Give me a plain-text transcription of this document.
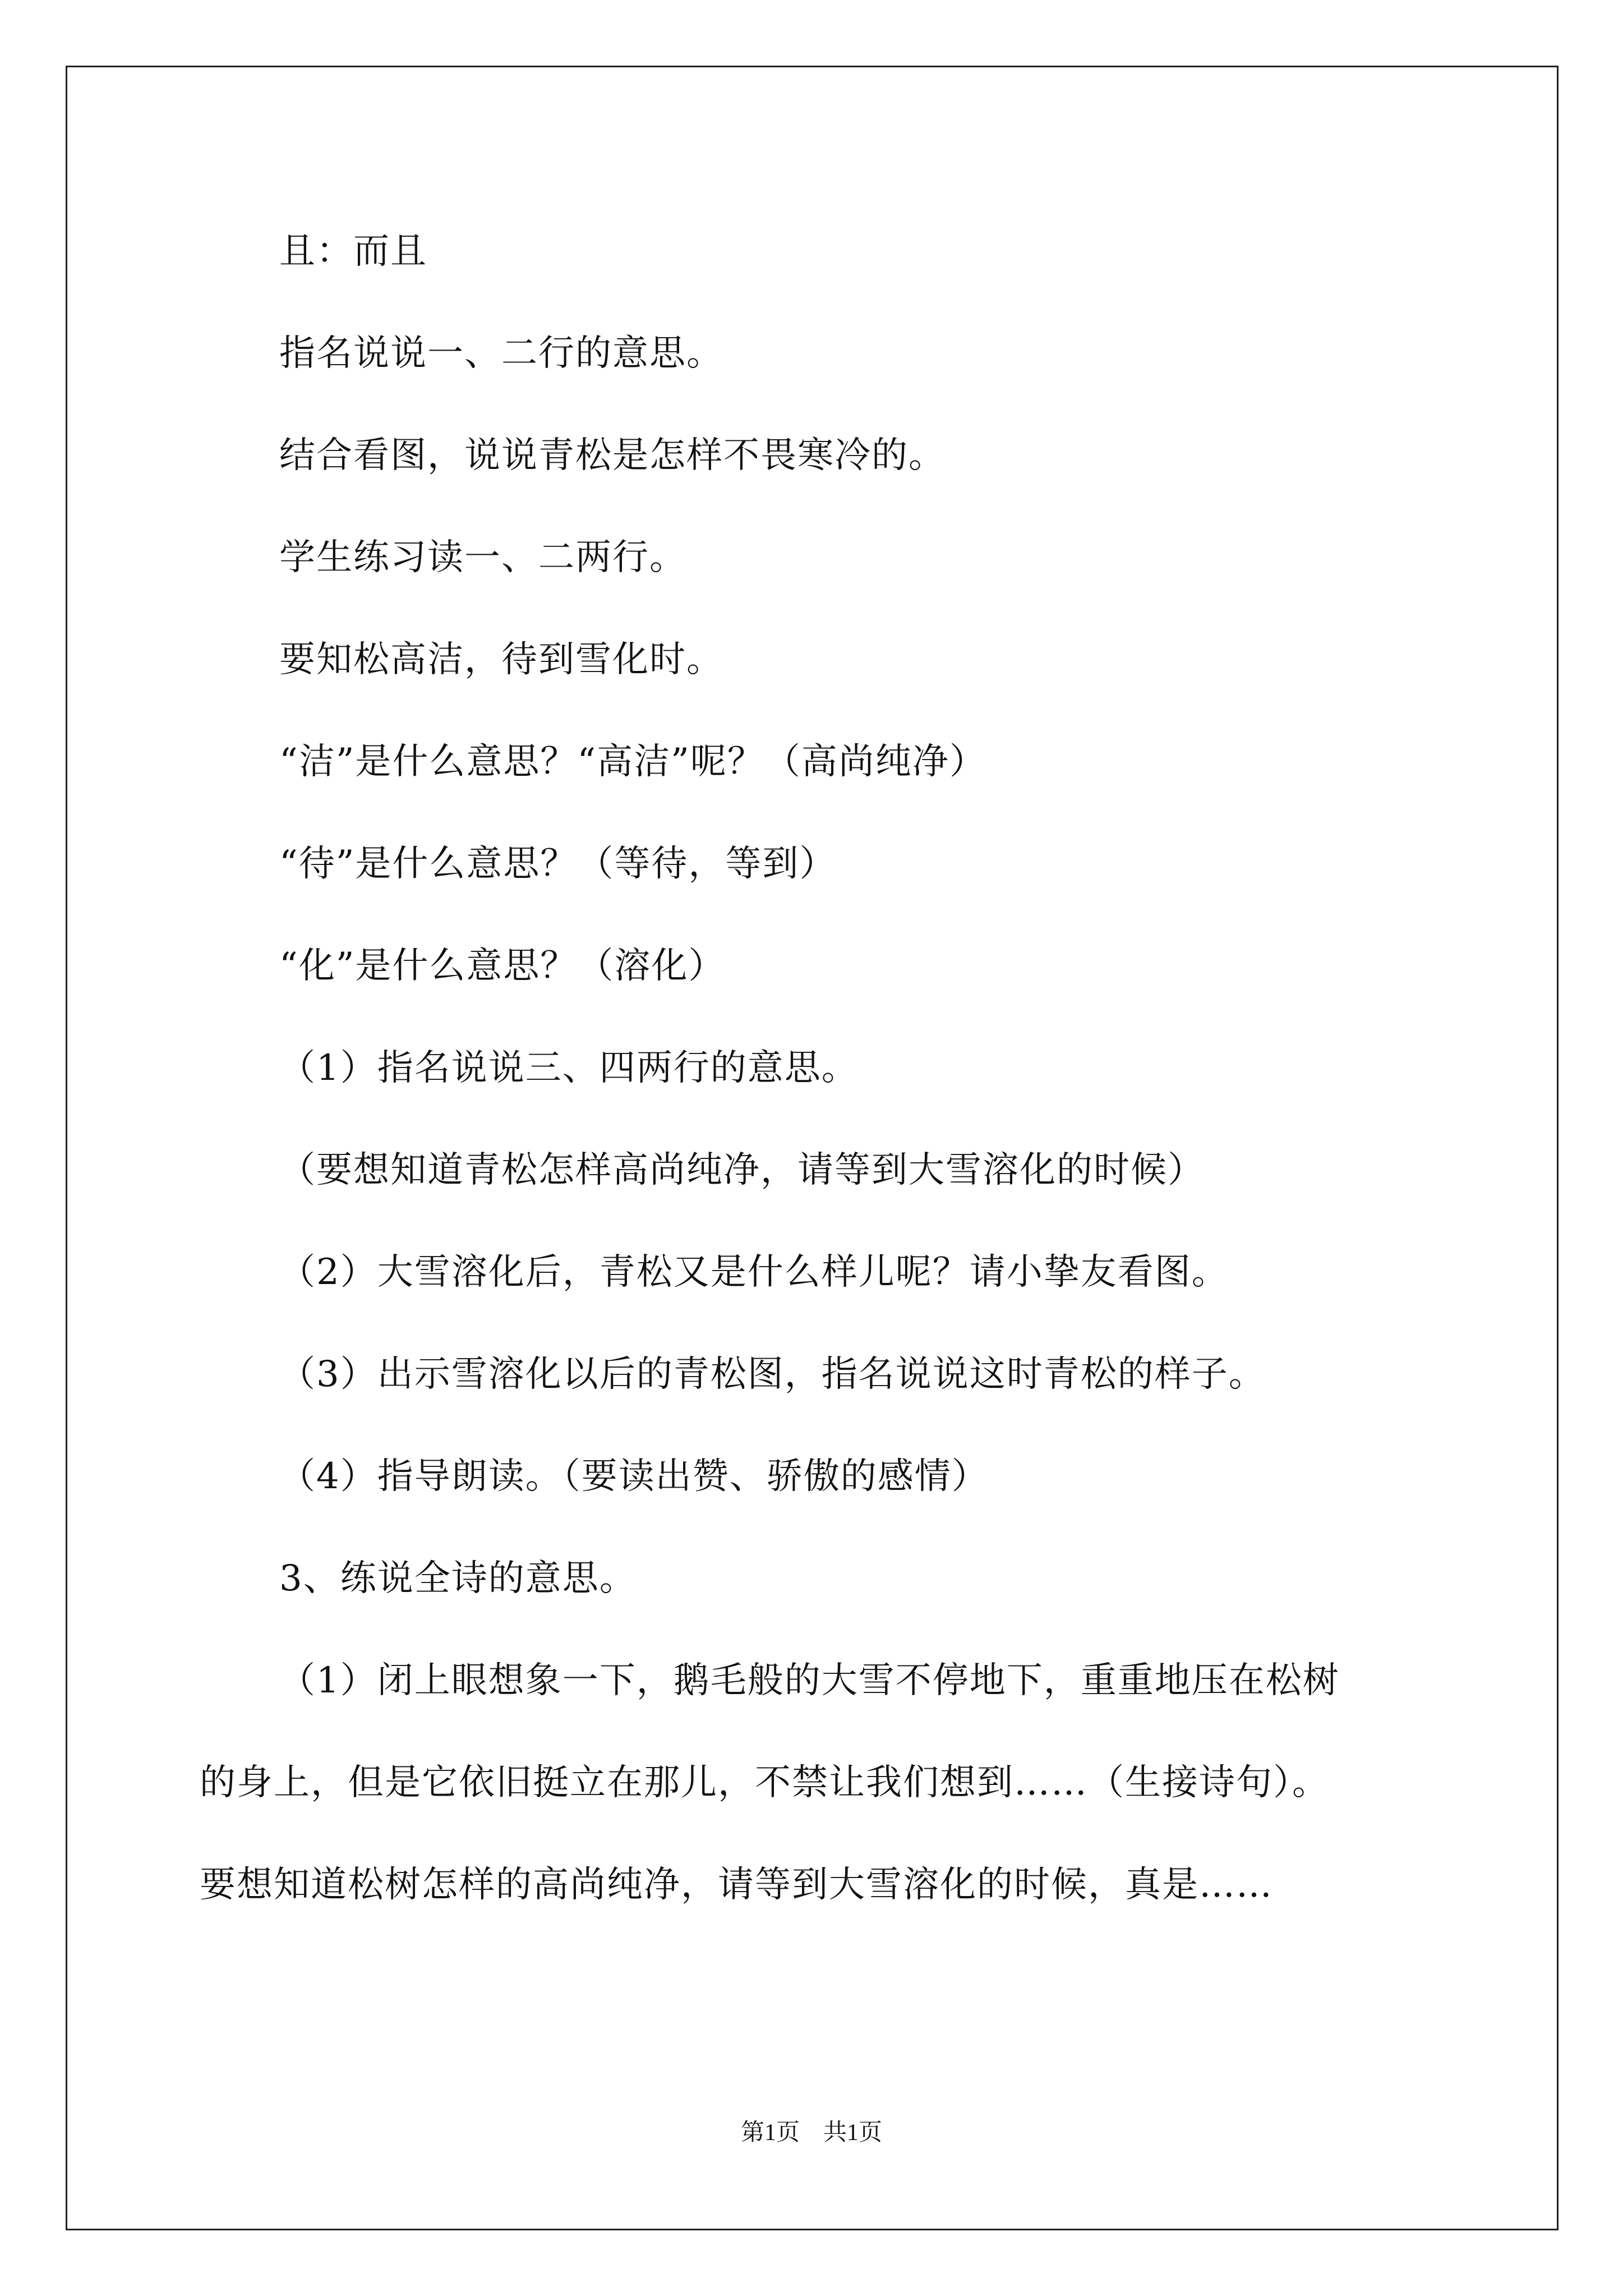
且：而且
指名说说一、二行的意思。
结合看图，说说青松是怎样不畏寒冷的。
学生练习读一、二两行。
要知松高洁，待到雪化时。
“洁”是什么意思？“高洁”呢？（高尚纯净）
“待”是什么意思？（等待，等到）
“化”是什么意思？（溶化）
（1）指名说说三、四两行的意思。
（要想知道青松怎样高尚纯净，请等到大雪溶化的时候）
（2）大雪溶化后，青松又是什么样儿呢？请小挚友看图。
（3）出示雪溶化以后的青松图，指名说说这时青松的样子。
（4）指导朗读。（要读出赞、骄傲的感情）
3、练说全诗的意思。
（1）闭上眼想象一下，鹅毛般的大雪不停地下，重重地压在松树
的身上，但是它依旧挺立在那儿，不禁让我们想到……（生接诗句）。
要想知道松树怎样的高尚纯净，请等到大雪溶化的时候，真是……
第1页　共1页
